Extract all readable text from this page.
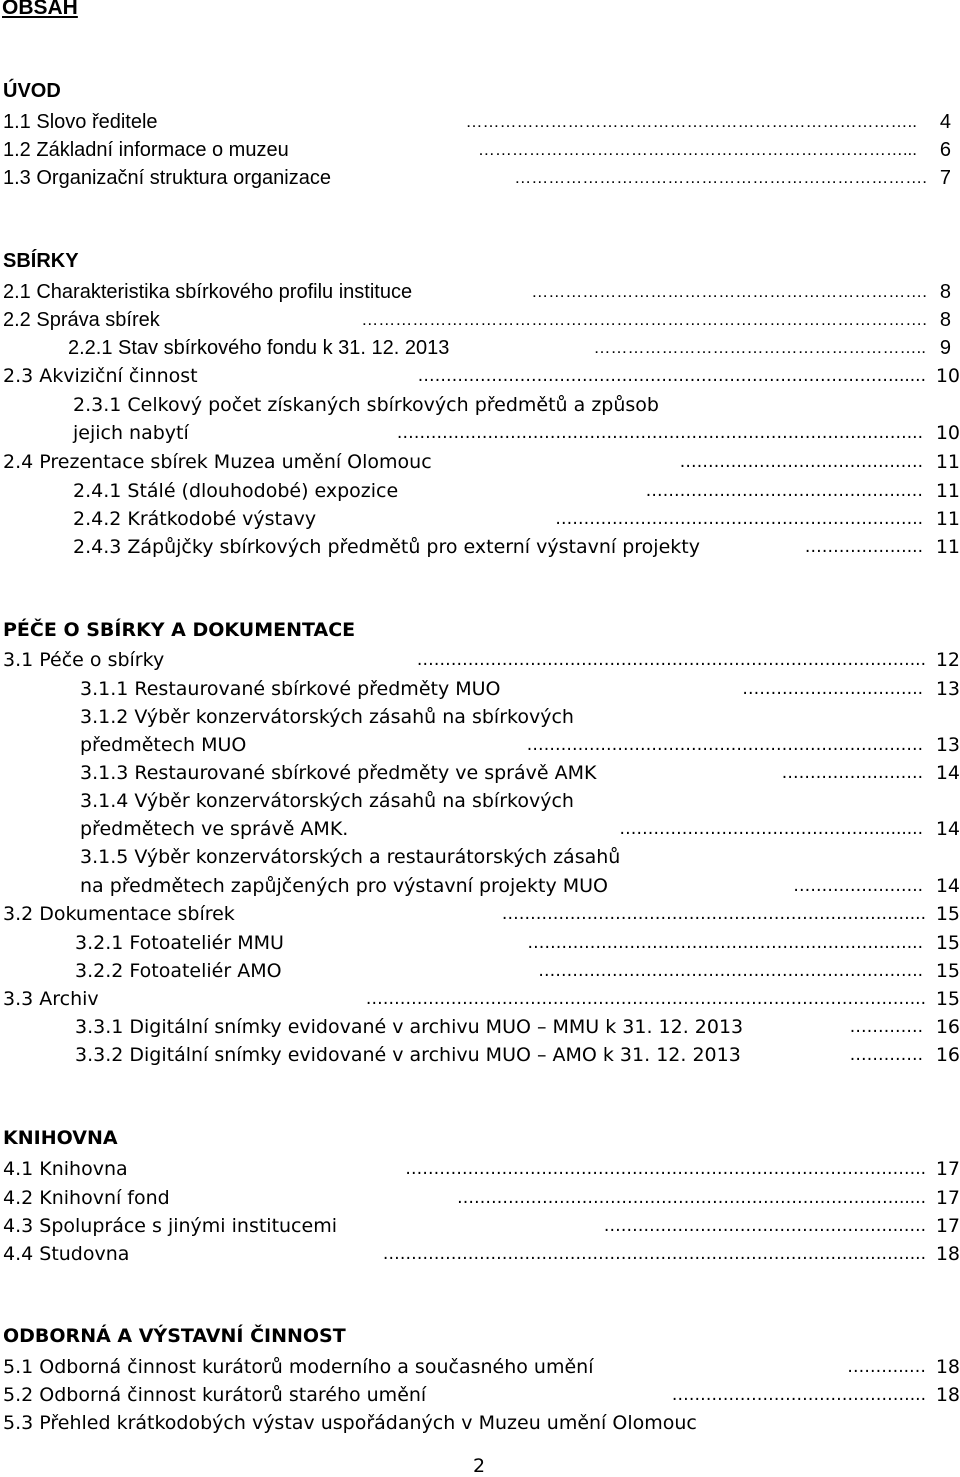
OBSAH
ÚVOD
1.1 Slovo ředitele	…………………………………………………………………….. 4
1.2 Základní informace o muzeu	…………………………………………………………………... 6
1.3 Organizační struktura organizace	………………………………………………………………. 7
SBÍRKY
2.1 Charakteristika sbírkového profilu instituce	……………………………………………………………. 8
2.2 Správa sbírek	………………………………………………………………………………………. 8
2.2.1 Stav sbírkového fondu k 31. 12. 2013	………………………………………………….. 9
2.3 Akviziční činnost	…………………………………………………………………………...... 10
2.3.1 Celkový počet získaných sbírkových předmětů a způsob
jejich nabytí	………………………………………………………………………………... 10
2.4 Prezentace sbírek Muzea umění Olomouc	……………………………………. 11
2.4.1 Stálé (dlouhodobé) expozice	……………………………………….… 11
2.4.2 Krátkodobé výstavy	……………………………………………………….. 11
2.4.3 Zápůjčky sbírkových předmětů pro externí výstavní projekty	………………... 11
PÉČE O SBÍRKY A DOKUMENTACE
3.1 Péče o sbírky	……………………………………………………………………………... 12
3.1.1 Restaurované sbírkové předměty MUO	………………………….. 13
3.1.2 Výběr konzervátorských zásahů na sbírkových
předmětech MUO	……………………………………………………………. 13
3.1.3 Restaurované sbírkové předměty ve správě AMK	……………………. 14
3.1.4 Výběr konzervátorských zásahů na sbírkových
předmětech ve správě AMK.	………………………………………......... 14
3.1.5 Výběr konzervátorských a restaurátorských zásahů
na předmětech zapůjčených pro výstavní projekty MUO	………………….. 14
3.2 Dokumentace sbírek	………………………………………………………………... 15
3.2.1 Fotoateliér MMU	……………………………………………………….…... 15
3.2.2 Fotoateliér AMO	………………………………………………………….. 15
3.3 Archiv	……………………………………………………………………………………... 15
3.3.1 Digitální snímky evidované v archivu MUO – MMU k 31. 12. 2013	…………. 16
3.3.2 Digitální snímky evidované v archivu MUO – AMO k 31. 12. 2013	…………. 16
KNIHOVNA
4.1 Knihovna	……………………………………………………………………………….. 17
4.2 Knihovní fond	……………………………………………………………………..... 17
4.3 Spolupráce s jinými institucemi	…………………………………………….….. 17
4.4 Studovna	…………………………………………………………………………………... 18
ODBORNÁ A VÝSTAVNÍ ČINNOST
5.1 Odborná činnost kurátorů moderního a současného umění	………..… 18
5.2 Odborná činnost kurátorů starého umění	……………………………………... 18
5.3 Přehled krátkodobých výstav uspořádaných v Muzeu umění Olomouc
2
